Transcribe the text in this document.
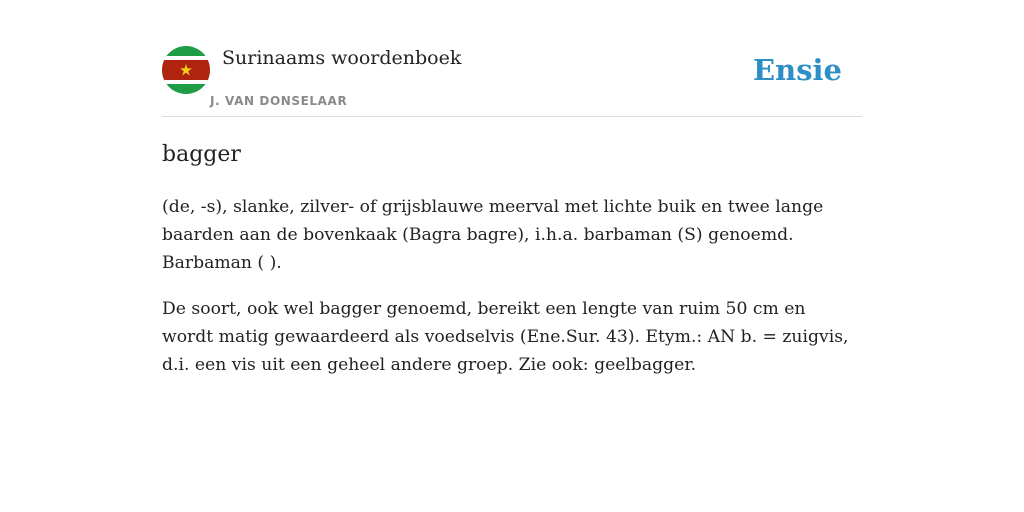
Surinaams woordenboek
J. VAN DONSELAAR
Ensie
bagger

(de, -s), slanke, zilver- of grijsblauwe meerval met lichte buik en twee lange baarden aan de bovenkaak (Bagra bagre), i.h.a. barbaman (S) genoemd. Barbaman ( ).

De soort, ook wel bagger genoemd, bereikt een lengte van ruim 50 cm en wordt matig gewaardeerd als voedselvis (Ene.Sur. 43). Etym.: AN b. = zuigvis, d.i. een vis uit een geheel andere groep. Zie ook: geelbagger.
